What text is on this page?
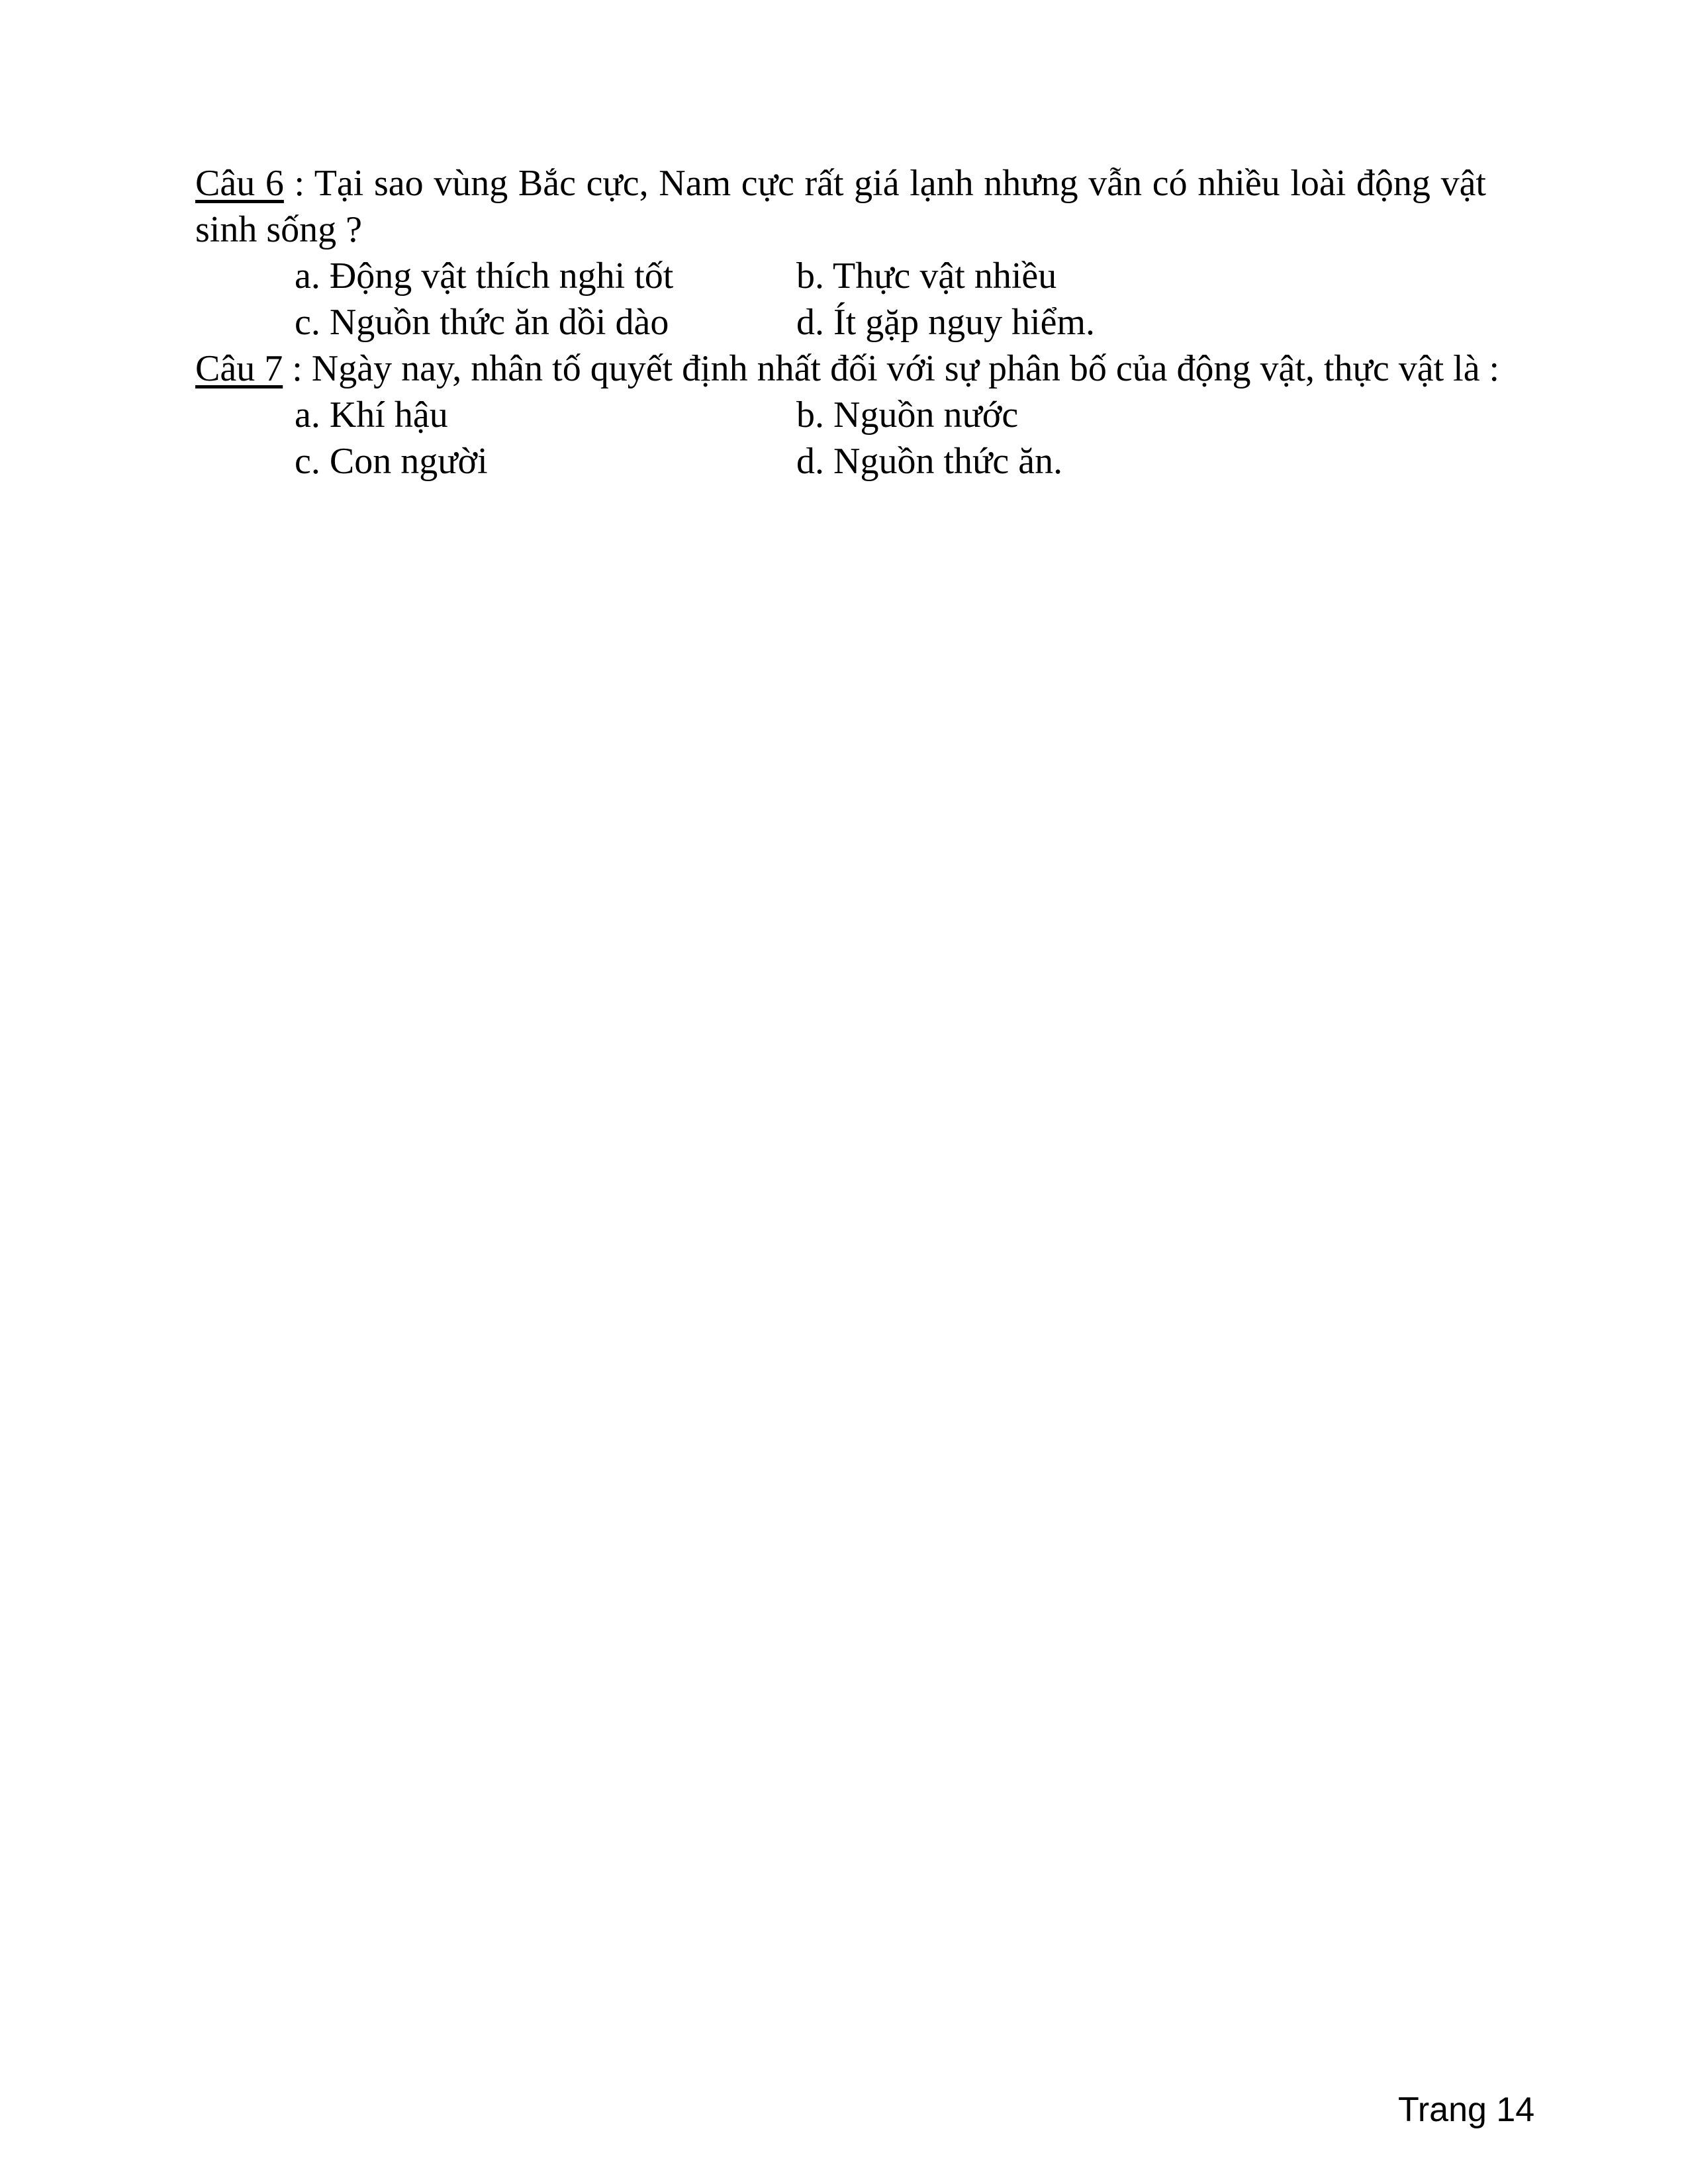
Câu 6 : Tại sao vùng Bắc cực, Nam cực rất giá lạnh nhưng vẫn có nhiều loài động vật sinh sống ?
a. Động vật thích nghi tốt	b. Thực vật nhiều
c. Nguồn thức ăn dồi dào	d. Ít gặp nguy hiểm.
Câu 7 : Ngày nay, nhân tố quyết định nhất đối với sự phân bố của động vật, thực vật là :
a. Khí hậu	b. Nguồn nước
c. Con người	d. Nguồn thức ăn.
Trang 14
